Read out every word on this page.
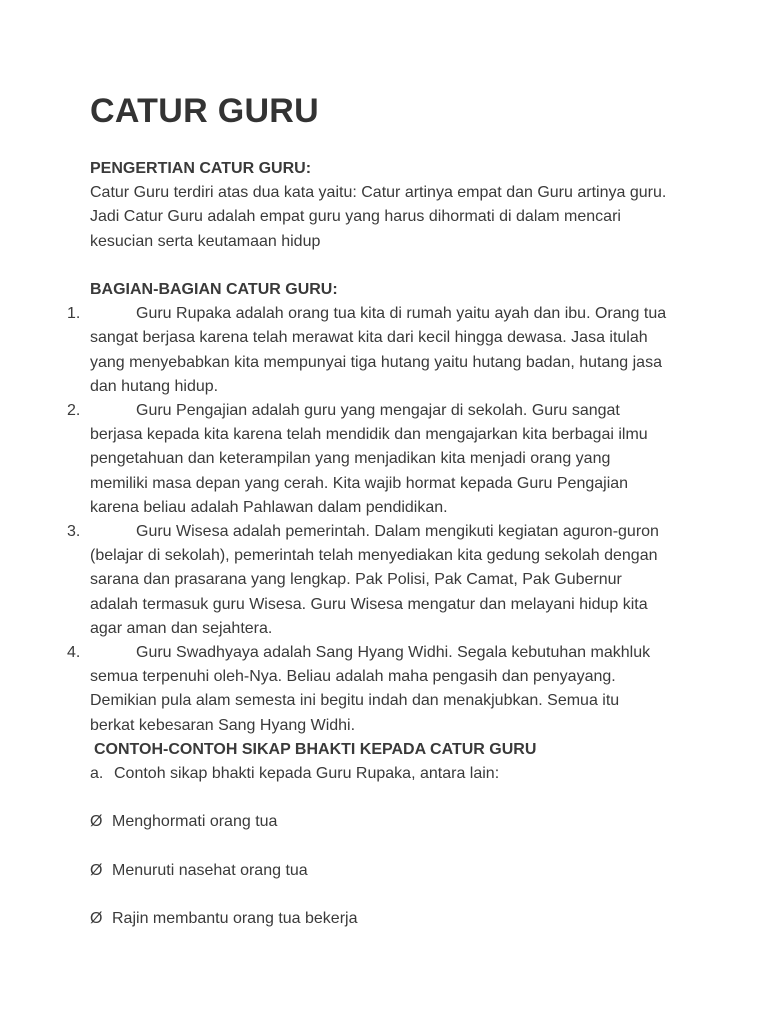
CATUR GURU
PENGERTIAN CATUR GURU:
Catur Guru terdiri atas dua kata yaitu: Catur artinya empat dan Guru artinya guru.
Jadi Catur Guru adalah empat guru yang harus dihormati di dalam mencari
kesucian serta keutamaan hidup
BAGIAN-BAGIAN CATUR GURU:
1.	Guru Rupaka adalah orang tua kita di rumah yaitu ayah dan ibu. Orang tua
sangat berjasa karena telah merawat kita dari kecil hingga dewasa. Jasa itulah
yang menyebabkan kita mempunyai tiga hutang yaitu hutang badan, hutang jasa
dan hutang hidup.
2.	Guru Pengajian adalah guru yang mengajar di sekolah. Guru sangat
berjasa kepada kita karena telah mendidik dan mengajarkan kita berbagai ilmu
pengetahuan dan keterampilan yang menjadikan kita menjadi orang yang
memiliki masa depan yang cerah. Kita wajib hormat kepada Guru Pengajian
karena beliau adalah Pahlawan dalam pendidikan.
3.	Guru Wisesa adalah pemerintah. Dalam mengikuti kegiatan aguron-guron
(belajar di sekolah), pemerintah telah menyediakan kita gedung sekolah dengan
sarana dan prasarana yang lengkap. Pak Polisi, Pak Camat, Pak Gubernur
adalah termasuk guru Wisesa. Guru Wisesa mengatur dan melayani hidup kita
agar aman dan sejahtera.
4.	Guru Swadhyaya adalah Sang Hyang Widhi. Segala kebutuhan makhluk
semua terpenuhi oleh-Nya. Beliau adalah maha pengasih dan penyayang.
Demikian pula alam semesta ini begitu indah dan menakjubkan. Semua itu
berkat kebesaran Sang Hyang Widhi.
CONTOH-CONTOH SIKAP BHAKTI KEPADA CATUR GURU
a. Contoh sikap bhakti kepada Guru Rupaka, antara lain:
Ø Menghormati orang tua
Ø Menuruti nasehat orang tua
Ø Rajin membantu orang tua bekerja
